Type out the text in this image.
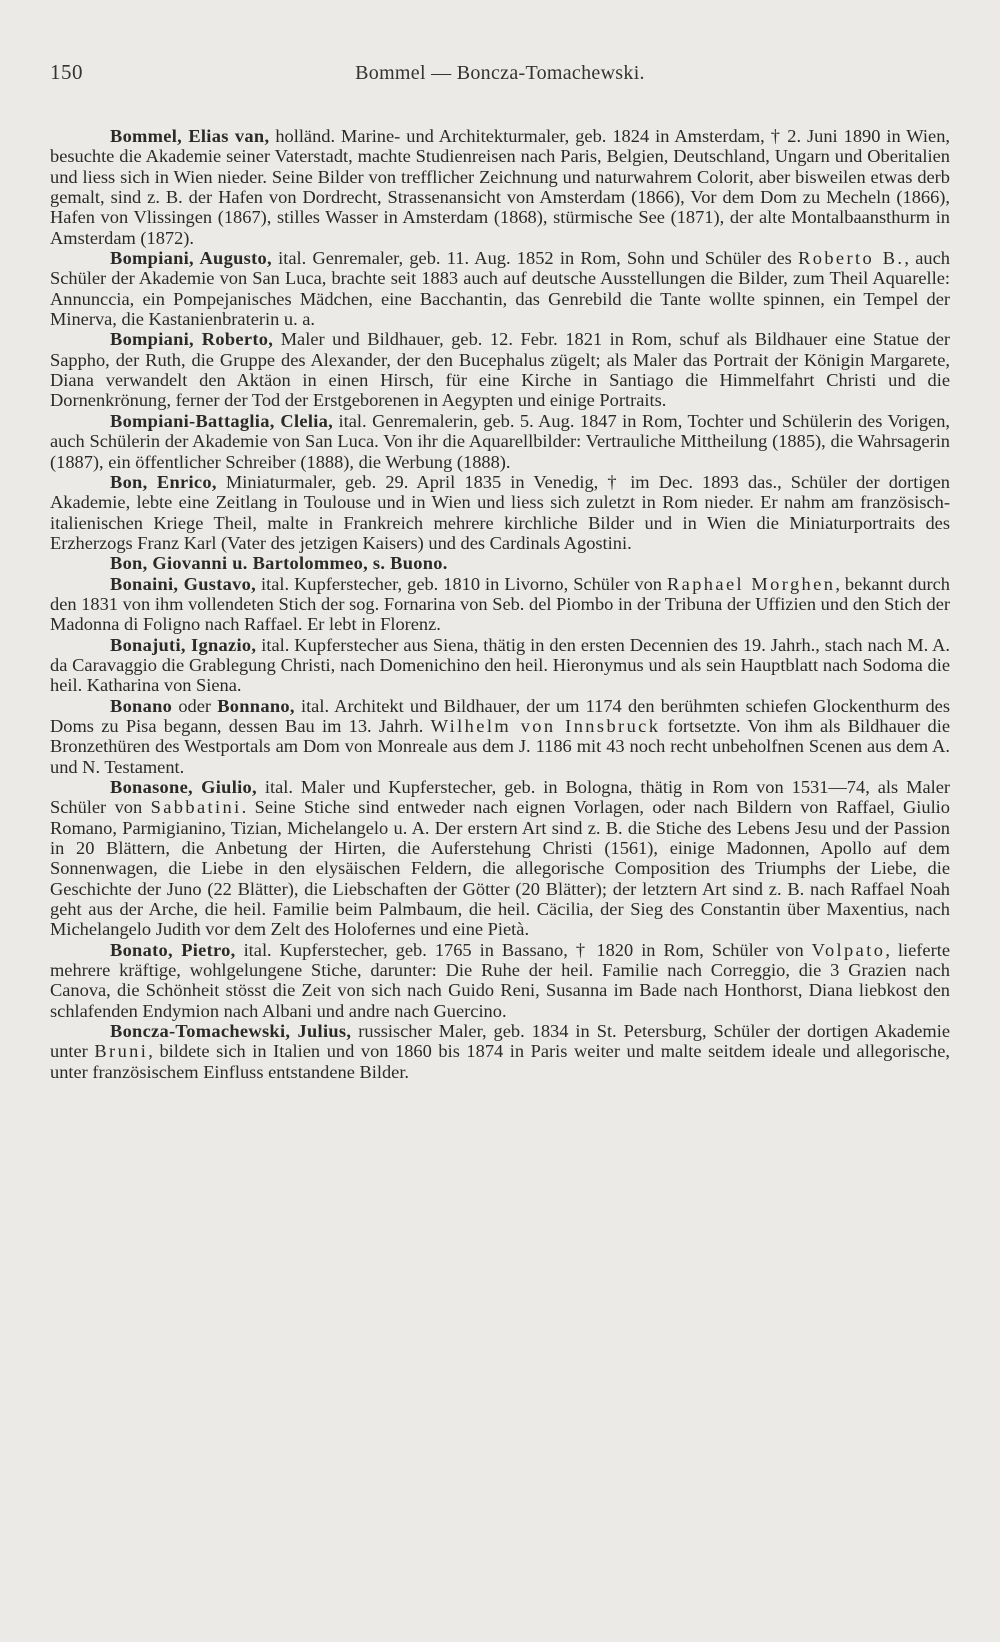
150	Bommel — Boncza-Tomachewski.

Bommel, Elias van, holländ. Marine- und Architekturmaler, geb. 1824 in Amsterdam, † 2. Juni 1890 in Wien, besuchte die Akademie seiner Vaterstadt, machte Studienreisen nach Paris, Belgien, Deutschland, Ungarn und Oberitalien und liess sich in Wien nieder. Seine Bilder von trefflicher Zeichnung und naturwahrem Colorit, aber bisweilen etwas derb gemalt, sind z. B. der Hafen von Dordrecht, Strassenansicht von Amsterdam (1866), Vor dem Dom zu Mecheln (1866), Hafen von Vlissingen (1867), stilles Wasser in Amsterdam (1868), stürmische See (1871), der alte Montalbaansthurm in Amsterdam (1872).

Bompiani, Augusto, ital. Genremaler, geb. 11. Aug. 1852 in Rom, Sohn und Schüler des Roberto B., auch Schüler der Akademie von San Luca, brachte seit 1883 auch auf deutsche Ausstellungen die Bilder, zum Theil Aquarelle: Annunccia, ein Pompejanisches Mädchen, eine Bacchantin, das Genrebild die Tante wollte spinnen, ein Tempel der Minerva, die Kastanienbraterin u. a.

Bompiani, Roberto, Maler und Bildhauer, geb. 12. Febr. 1821 in Rom, schuf als Bildhauer eine Statue der Sappho, der Ruth, die Gruppe des Alexander, der den Bucephalus zügelt; als Maler das Portrait der Königin Margarete, Diana verwandelt den Aktäon in einen Hirsch, für eine Kirche in Santiago die Himmelfahrt Christi und die Dornenkrönung, ferner der Tod der Erstgeborenen in Aegypten und einige Portraits.

Bompiani-Battaglia, Clelia, ital. Genremalerin, geb. 5. Aug. 1847 in Rom, Tochter und Schülerin des Vorigen, auch Schülerin der Akademie von San Luca. Von ihr die Aquarellbilder: Vertrauliche Mittheilung (1885), die Wahrsagerin (1887), ein öffentlicher Schreiber (1888), die Werbung (1888).

Bon, Enrico, Miniaturmaler, geb. 29. April 1835 in Venedig, † im Dec. 1893 das., Schüler der dortigen Akademie, lebte eine Zeitlang in Toulouse und in Wien und liess sich zuletzt in Rom nieder. Er nahm am französisch-italienischen Kriege Theil, malte in Frankreich mehrere kirchliche Bilder und in Wien die Miniaturportraits des Erzherzogs Franz Karl (Vater des jetzigen Kaisers) und des Cardinals Agostini.

Bon, Giovanni u. Bartolommeo, s. Buono.

Bonaini, Gustavo, ital. Kupferstecher, geb. 1810 in Livorno, Schüler von Raphael Morghen, bekannt durch den 1831 von ihm vollendeten Stich der sog. Fornarina von Seb. del Piombo in der Tribuna der Uffizien und den Stich der Madonna di Foligno nach Raffael. Er lebt in Florenz.

Bonajuti, Ignazio, ital. Kupferstecher aus Siena, thätig in den ersten Decennien des 19. Jahrh., stach nach M. A. da Caravaggio die Grablegung Christi, nach Domenichino den heil. Hieronymus und als sein Hauptblatt nach Sodoma die heil. Katharina von Siena.

Bonano oder Bonnano, ital. Architekt und Bildhauer, der um 1174 den berühmten schiefen Glockenthurm des Doms zu Pisa begann, dessen Bau im 13. Jahrh. Wilhelm von Innsbruck fortsetzte. Von ihm als Bildhauer die Bronzethüren des Westportals am Dom von Monreale aus dem J. 1186 mit 43 noch recht unbeholfnen Scenen aus dem A. und N. Testament.

Bonasone, Giulio, ital. Maler und Kupferstecher, geb. in Bologna, thätig in Rom von 1531—74, als Maler Schüler von Sabbatini. Seine Stiche sind entweder nach eignen Vorlagen, oder nach Bildern von Raffael, Giulio Romano, Parmigianino, Tizian, Michelangelo u. A. Der erstern Art sind z. B. die Stiche des Lebens Jesu und der Passion in 20 Blättern, die Anbetung der Hirten, die Auferstehung Christi (1561), einige Madonnen, Apollo auf dem Sonnenwagen, die Liebe in den elysäischen Feldern, die allegorische Composition des Triumphs der Liebe, die Geschichte der Juno (22 Blätter), die Liebschaften der Götter (20 Blätter); der letztern Art sind z. B. nach Raffael Noah geht aus der Arche, die heil. Familie beim Palmbaum, die heil. Cäcilia, der Sieg des Constantin über Maxentius, nach Michelangelo Judith vor dem Zelt des Holofernes und eine Pietà.

Bonato, Pietro, ital. Kupferstecher, geb. 1765 in Bassano, † 1820 in Rom, Schüler von Volpato, lieferte mehrere kräftige, wohlgelungene Stiche, darunter: Die Ruhe der heil. Familie nach Correggio, die 3 Grazien nach Canova, die Schönheit stösst die Zeit von sich nach Guido Reni, Susanna im Bade nach Honthorst, Diana liebkost den schlafenden Endymion nach Albani und andre nach Guercino.

Boncza-Tomachewski, Julius, russischer Maler, geb. 1834 in St. Petersburg, Schüler der dortigen Akademie unter Bruni, bildete sich in Italien und von 1860 bis 1874 in Paris weiter und malte seitdem ideale und allegorische, unter französischem Einfluss entstandene Bilder.
